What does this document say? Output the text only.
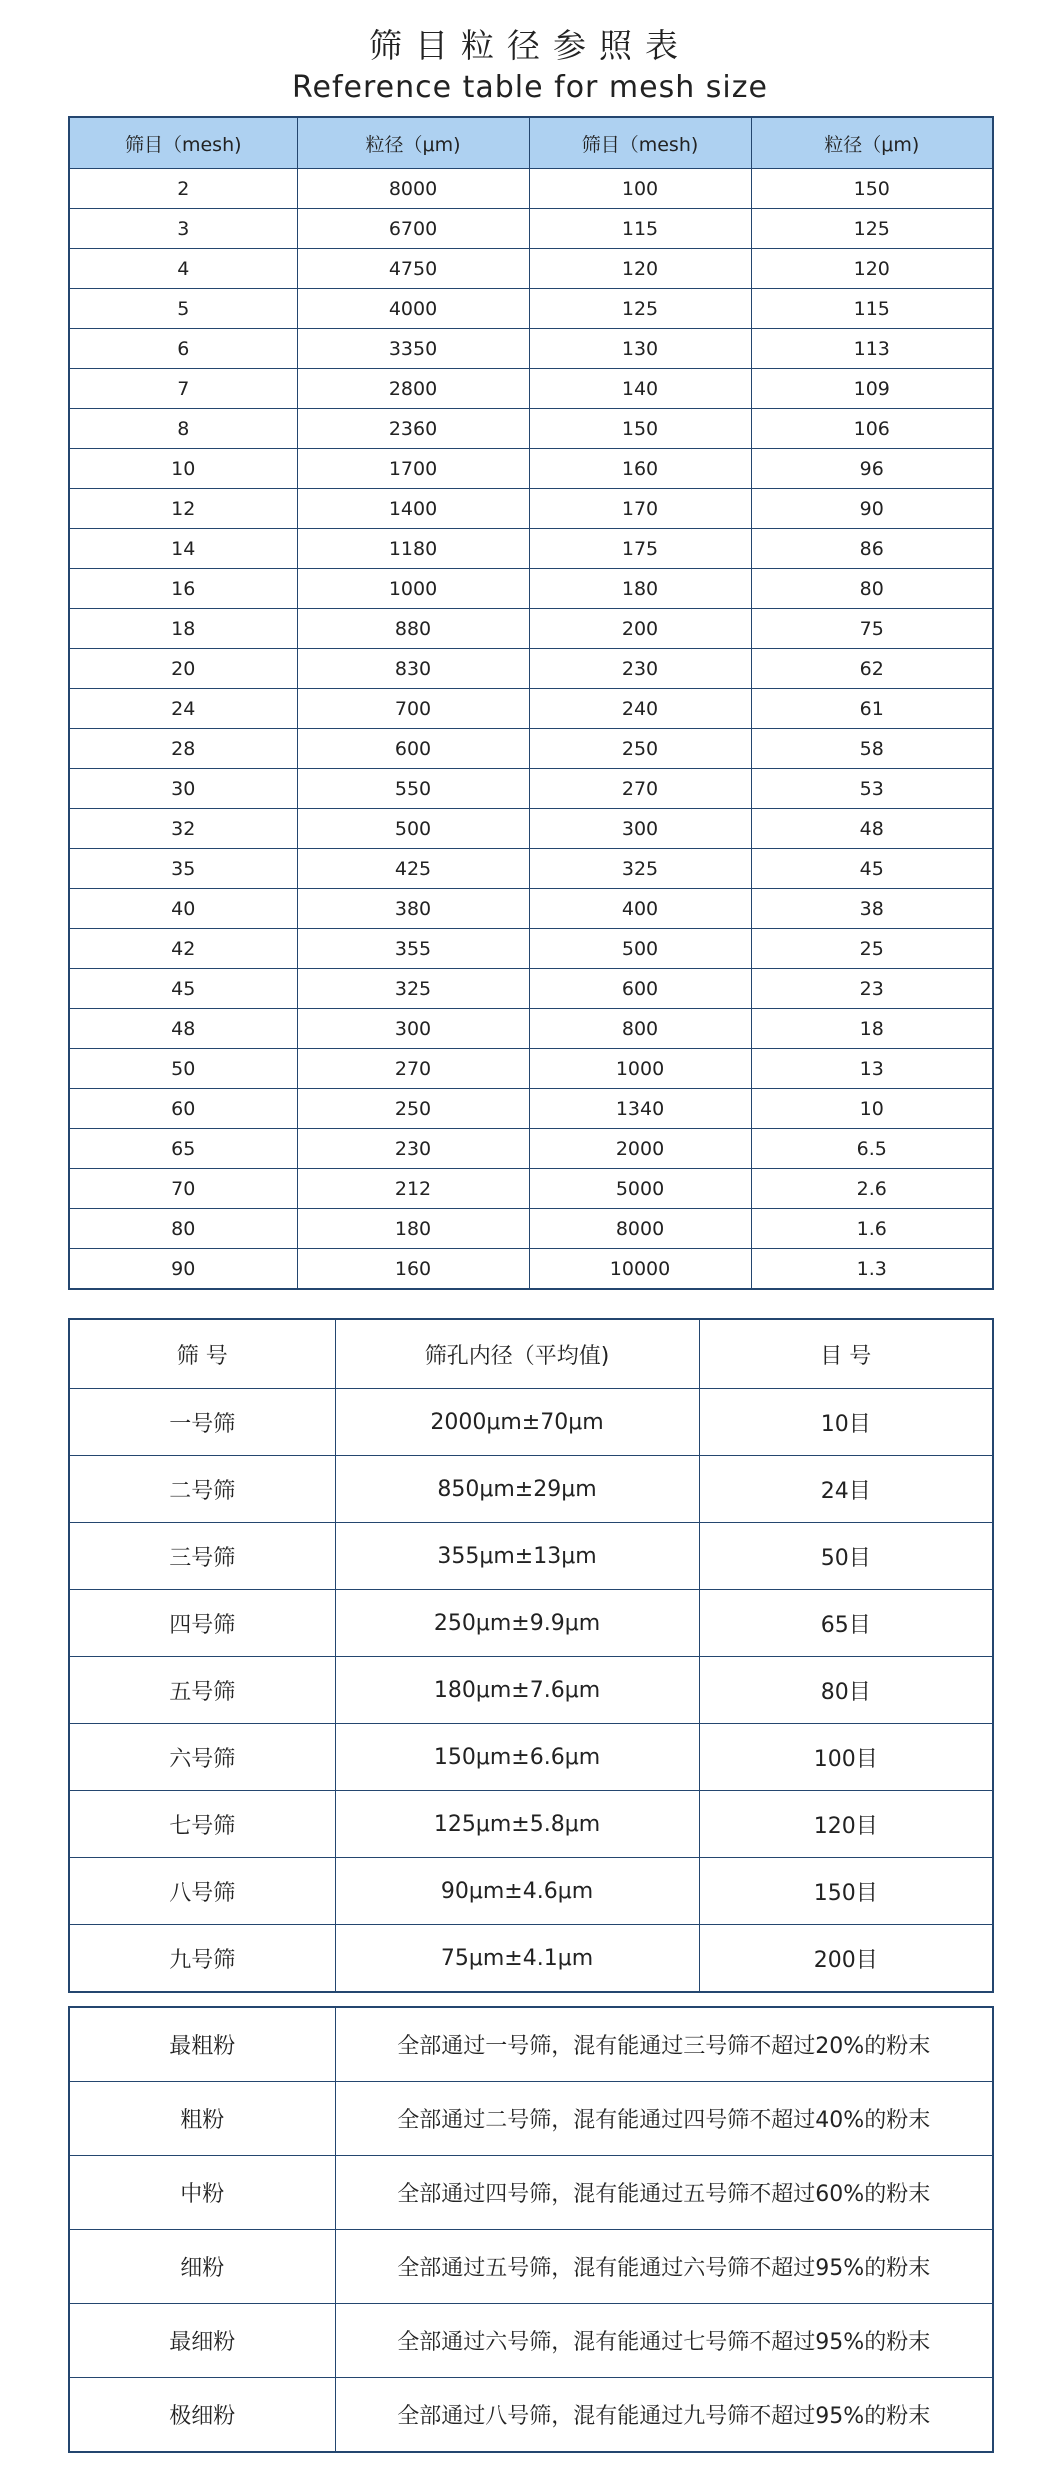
筛目粒径参照表
Reference table for mesh size
筛目（mesh)	粒径（μm)	筛目（mesh)	粒径（μm)
2	8000	100	150
3	6700	115	125
4	4750	120	120
5	4000	125	115
6	3350	130	113
7	2800	140	109
8	2360	150	106
10	1700	160	96
12	1400	170	90
14	1180	175	86
16	1000	180	80
18	880	200	75
20	830	230	62
24	700	240	61
28	600	250	58
30	550	270	53
32	500	300	48
35	425	325	45
40	380	400	38
42	355	500	25
45	325	600	23
48	300	800	18
50	270	1000	13
60	250	1340	10
65	230	2000	6.5
70	212	5000	2.6
80	180	8000	1.6
90	160	10000	1.3
筛 号	筛孔内径（平均值)	目 号
一号筛	2000μm±70μm	10目
二号筛	850μm±29μm	24目
三号筛	355μm±13μm	50目
四号筛	250μm±9.9μm	65目
五号筛	180μm±7.6μm	80目
六号筛	150μm±6.6μm	100目
七号筛	125μm±5.8μm	120目
八号筛	90μm±4.6μm	150目
九号筛	75μm±4.1μm	200目
最粗粉	全部通过一号筛，混有能通过三号筛不超过20%的粉末
粗粉	全部通过二号筛，混有能通过四号筛不超过40%的粉末
中粉	全部通过四号筛，混有能通过五号筛不超过60%的粉末
细粉	全部通过五号筛，混有能通过六号筛不超过95%的粉末
最细粉	全部通过六号筛，混有能通过七号筛不超过95%的粉末
极细粉	全部通过八号筛，混有能通过九号筛不超过95%的粉末
